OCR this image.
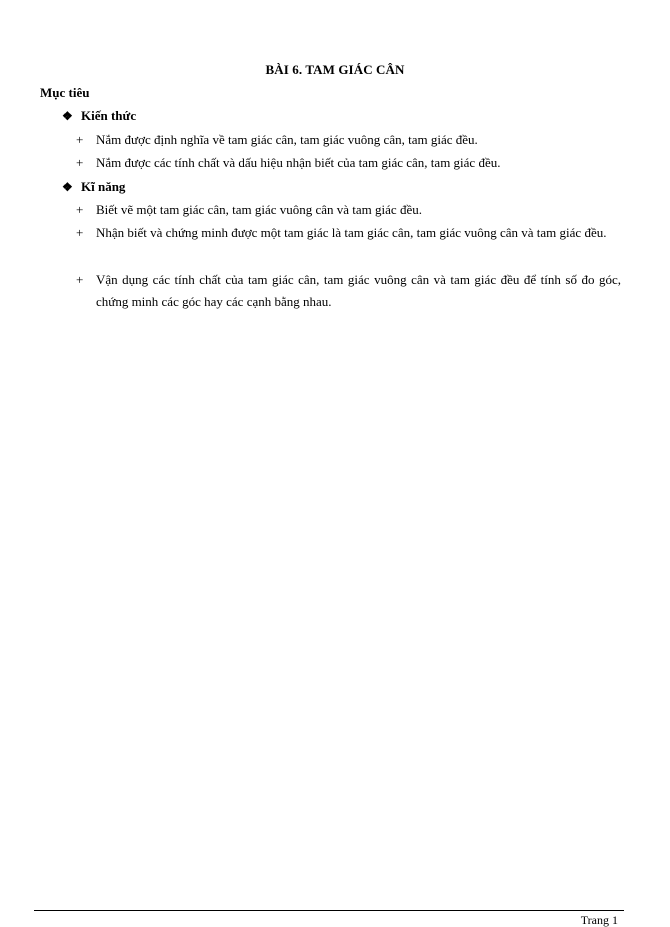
BÀI 6. TAM GIÁC CÂN
Mục tiêu
❖ Kiến thức
+ Nắm được định nghĩa về tam giác cân, tam giác vuông cân, tam giác đều.
+ Nắm được các tính chất và dấu hiệu nhận biết của tam giác cân, tam giác đều.
❖ Kĩ năng
+ Biết vẽ một tam giác cân, tam giác vuông cân và tam giác đều.
+ Nhận biết và chứng minh được một tam giác là tam giác cân, tam giác vuông cân và tam giác đều.
+ Vận dụng các tính chất của tam giác cân, tam giác vuông cân và tam giác đều để tính số đo góc, chứng minh các góc hay các cạnh bằng nhau.
Trang 1
